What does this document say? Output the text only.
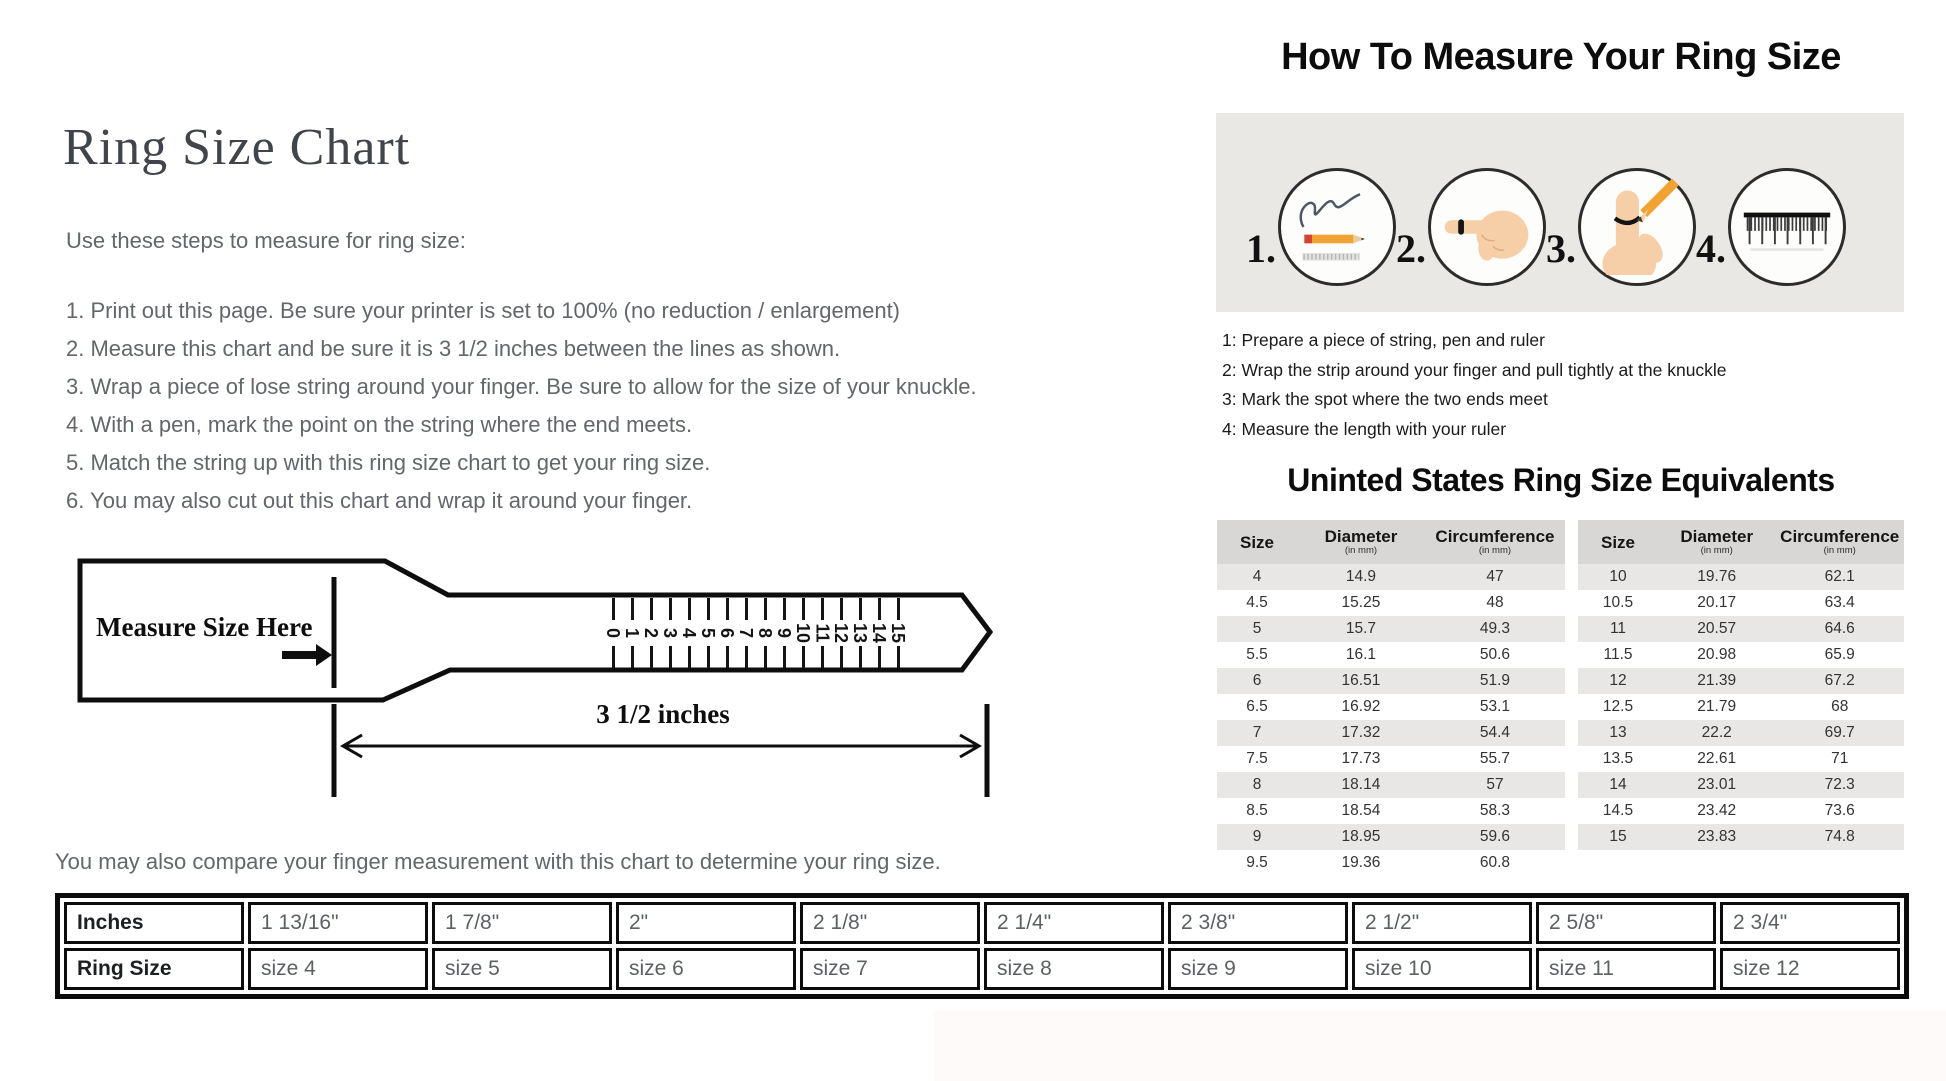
Ring Size Chart
Use these steps to measure for ring size:
1. Print out this page. Be sure your printer is set to 100% (no reduction / enlargement)
2. Measure this chart and be sure it is 3 1/2 inches between the lines as shown.
3. Wrap a piece of lose string around your finger. Be sure to allow for the size of your knuckle.
4. With a pen, mark the point on the string where the end meets.
5. Match the string up with this ring size chart to get your ring size.
6. You may also cut out this chart and wrap it around your finger.
Measure Size Here	0 1 2 3 4 5 6 7 8 9 10 11 12 13 14 15
3 1/2 inches
You may also compare your finger measurement with this chart to determine your ring size.
Inches	1 13/16"	1 7/8"	2"	2 1/8"	2 1/4"	2 3/8"	2 1/2"	2 5/8"	2 3/4"
Ring Size	size 4	size 5	size 6	size 7	size 8	size 9	size 10	size 11	size 12
How To Measure Your Ring Size
1.	2.	3.	4.
1: Prepare a piece of string, pen and ruler
2: Wrap the strip around your finger and pull tightly at the knuckle
3: Mark the spot where the two ends meet
4: Measure the length with your ruler
Uninted States Ring Size Equivalents
Size	Diameter
(in mm)
Circumference
(in mm)
4	14.9	47
4.5	15.25	48
5	15.7	49.3
5.5	16.1	50.6
6	16.51	51.9
6.5	16.92	53.1
7	17.32	54.4
7.5	17.73	55.7
8	18.14	57
8.5	18.54	58.3
9	18.95	59.6
9.5	19.36	60.8
Size	Diameter
(in mm)
Circumference
(in mm)
10	19.76	62.1
10.5	20.17	63.4
11	20.57	64.6
11.5	20.98	65.9
12	21.39	67.2
12.5	21.79	68
13	22.2	69.7
13.5	22.61	71
14	23.01	72.3
14.5	23.42	73.6
15	23.83	74.8
